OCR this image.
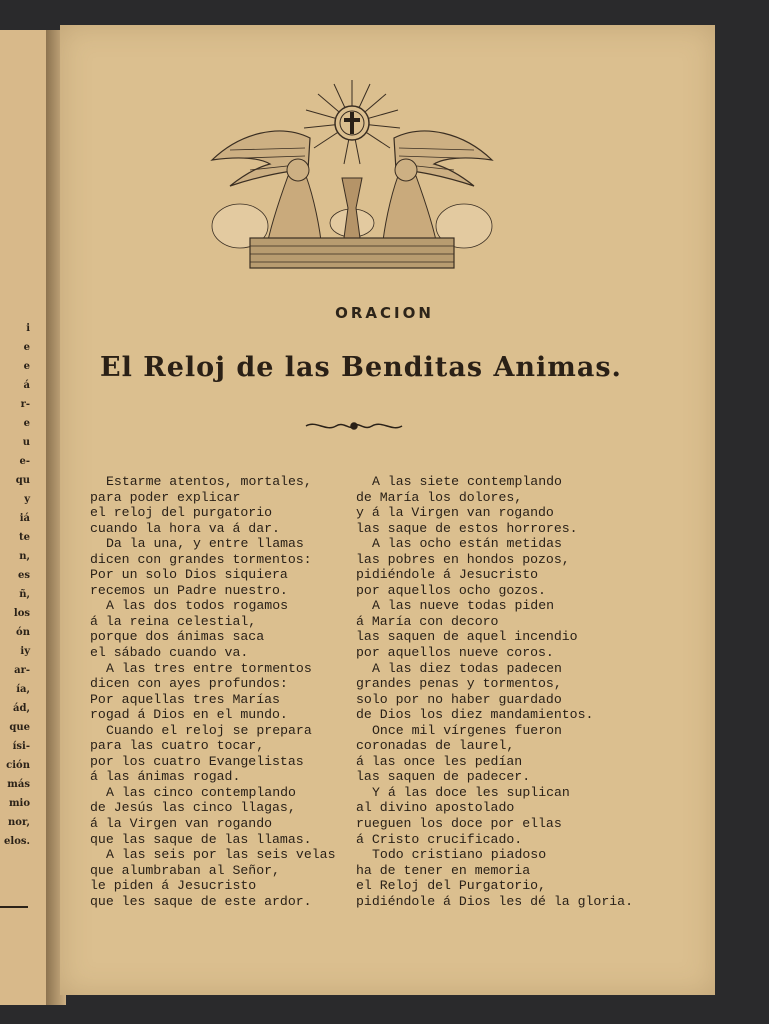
i
e
e
á
r-
e
u
e-
qu
y
iá
te
n,
es
ñ,
los
ón
iy
ar-
ía,
ád,
que
ísi-
ción
más
mio
nor,
elos.
ORACION
El Reloj de las Benditas Animas.
Estarme atentos, mortales,
para poder explicar
el reloj del purgatorio
cuando la hora va á dar.
Da la una, y entre llamas
dicen con grandes tormentos:
Por un solo Dios siquiera
recemos un Padre nuestro.
A las dos todos rogamos
á la reina celestial,
porque dos ánimas saca
el sábado cuando va.
A las tres entre tormentos
dicen con ayes profundos:
Por aquellas tres Marías
rogad á Dios en el mundo.
Cuando el reloj se prepara
para las cuatro tocar,
por los cuatro Evangelistas
á las ánimas rogad.
A las cinco contemplando
de Jesús las cinco llagas,
á la Virgen van rogando
que las saque de las llamas.
A las seis por las seis velas
que alumbraban al Señor,
le piden á Jesucristo
que les saque de este ardor.
A las siete contemplando
de María los dolores,
y á la Virgen van rogando
las saque de estos horrores.
A las ocho están metidas
las pobres en hondos pozos,
pidiéndole á Jesucristo
por aquellos ocho gozos.
A las nueve todas piden
á María con decoro
las saquen de aquel incendio
por aquellos nueve coros.
A las diez todas padecen
grandes penas y tormentos,
solo por no haber guardado
de Dios los diez mandamientos.
Once mil vírgenes fueron
coronadas de laurel,
á las once les pedían
las saquen de padecer.
Y á las doce les suplican
al divino apostolado
rueguen los doce por ellas
á Cristo crucificado.
Todo cristiano piadoso
ha de tener en memoria
el Reloj del Purgatorio,
pidiéndole á Dios les dé la gloria.
